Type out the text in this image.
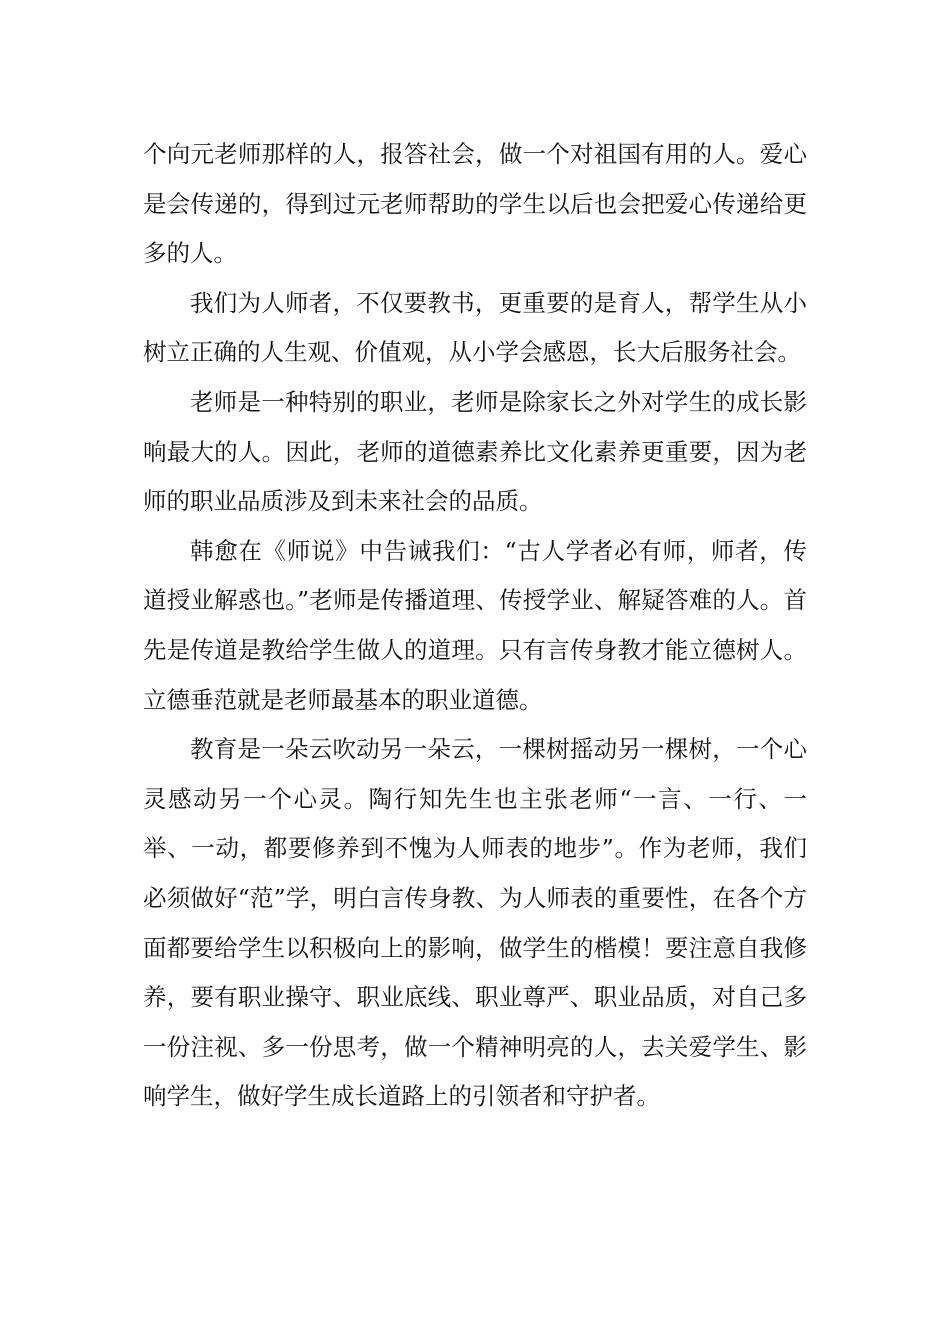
个向元老师那样的人，报答社会，做一个对祖国有用的人。爱心是会传递的，得到过元老师帮助的学生以后也会把爱心传递给更多的人。

我们为人师者，不仅要教书，更重要的是育人，帮学生从小树立正确的人生观、价值观，从小学会感恩，长大后服务社会。

老师是一种特别的职业，老师是除家长之外对学生的成长影响最大的人。因此，老师的道德素养比文化素养更重要，因为老师的职业品质涉及到未来社会的品质。

韩愈在《师说》中告诫我们：“古人学者必有师，师者，传道授业解惑也。”老师是传播道理、传授学业、解疑答难的人。首先是传道是教给学生做人的道理。只有言传身教才能立德树人。立德垂范就是老师最基本的职业道德。

教育是一朵云吹动另一朵云，一棵树摇动另一棵树，一个心灵感动另一个心灵。陶行知先生也主张老师“一言、一行、一举、一动，都要修养到不愧为人师表的地步”。作为老师，我们必须做好“范”学，明白言传身教、为人师表的重要性，在各个方面都要给学生以积极向上的影响，做学生的楷模！要注意自我修养，要有职业操守、职业底线、职业尊严、职业品质，对自己多一份注视、多一份思考，做一个精神明亮的人，去关爱学生、影响学生，做好学生成长道路上的引领者和守护者。
